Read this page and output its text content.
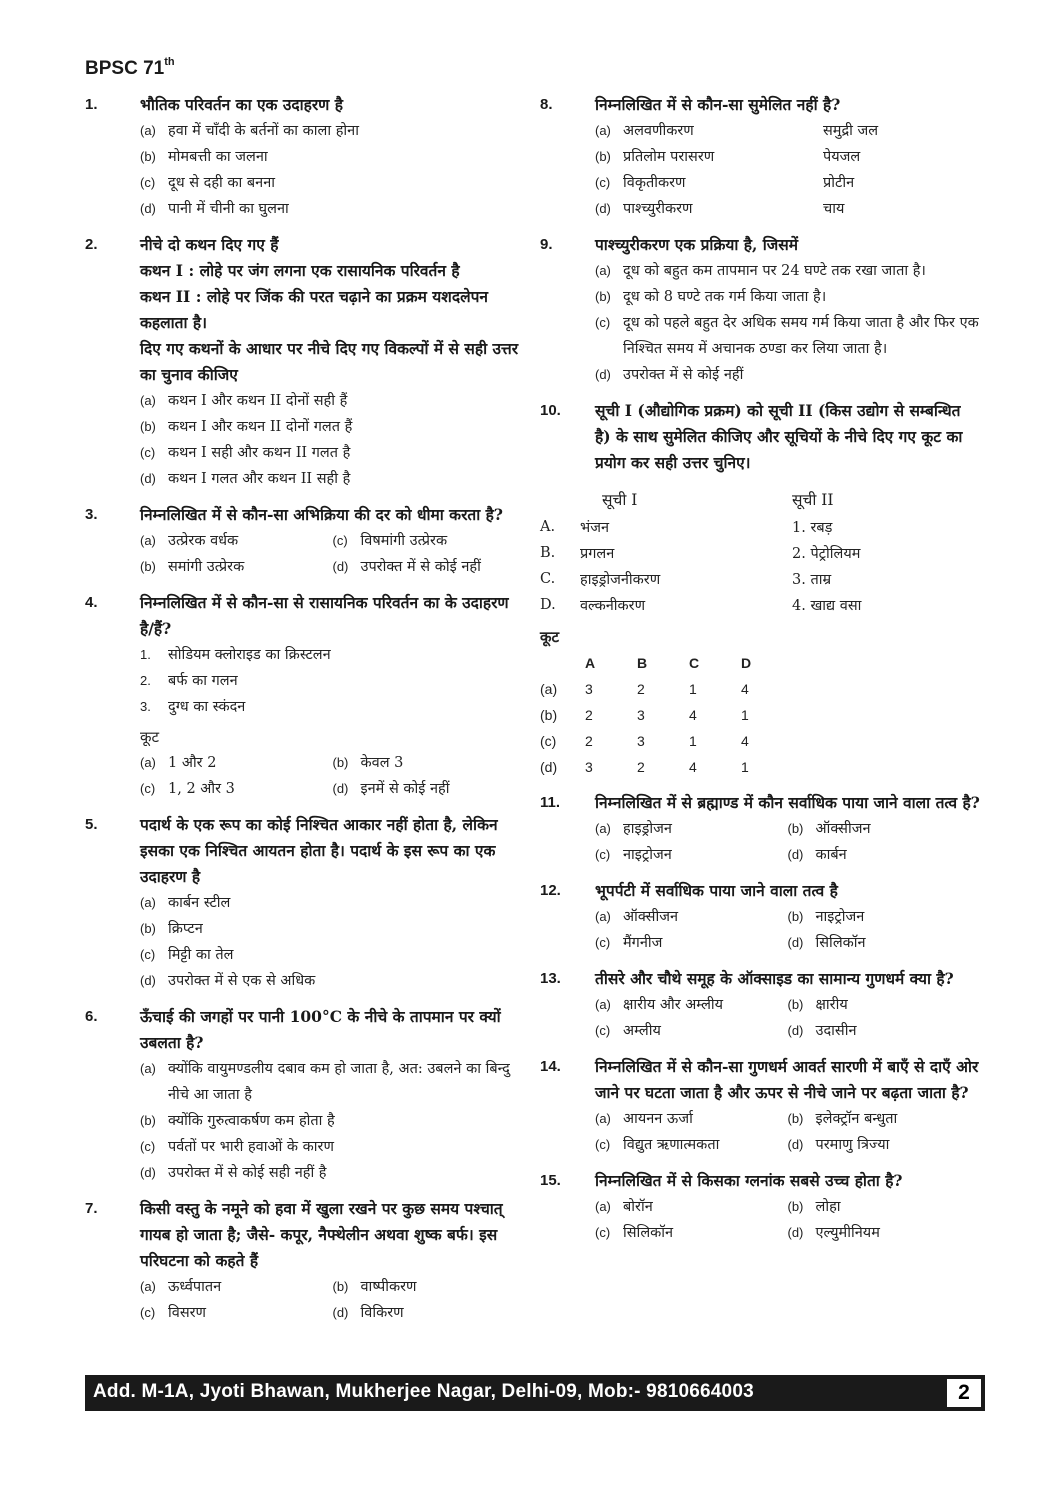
BPSC 71th
1.	भौतिक परिवर्तन का एक उदाहरण है
(a) हवा में चाँदी के बर्तनों का काला होना
(b) मोमबत्ती का जलना
(c) दूध से दही का बनना
(d) पानी में चीनी का घुलना
2.	नीचे दो कथन दिए गए हैं

कथन I : लोहे पर जंग लगना एक रासायनिक परिवर्तन है

कथन II : लोहे पर जिंक की परत चढ़ाने का प्रक्रम यशदलेपन कहलाता है।

दिए गए कथनों के आधार पर नीचे दिए गए विकल्पों में से सही उत्तर का चुनाव कीजिए

(a) कथन I और कथन II दोनों सही हैं
(b) कथन I और कथन II दोनों गलत हैं
(c) कथन I सही और कथन II गलत है
(d) कथन I गलत और कथन II सही है
3.	निम्नलिखित में से कौन-सा अभिक्रिया की दर को धीमा करता है?
(a) उत्प्रेरक वर्धक	(c) विषमांगी उत्प्रेरक
(b) समांगी उत्प्रेरक	(d) उपरोक्त में से कोई नहीं
4.	निम्नलिखित में से कौन-सा से रासायनिक परिवर्तन का के उदाहरण है/हैं?
1.	सोडियम क्लोराइड का क्रिस्टलन
2.	बर्फ का गलन
3.	दुग्ध का स्कंदन
कूट
(a) 1 और 2	(b) केवल 3
(c) 1, 2 और 3	(d) इनमें से कोई नहीं
5.	पदार्थ के एक रूप का कोई निश्चित आकार नहीं होता है, लेकिन इसका एक निश्चित आयतन होता है। पदार्थ के इस रूप का एक उदाहरण है
(a) कार्बन स्टील
(b) क्रिप्टन
(c) मिट्टी का तेल
(d) उपरोक्त में से एक से अधिक
6.	ऊँचाई की जगहों पर पानी 100°C के नीचे के तापमान पर क्यों उबलता है?
(a) क्योंकि वायुमण्डलीय दबाव कम हो जाता है, अत: उबलने का बिन्दु नीचे आ जाता है
(b) क्योंकि गुरुत्वाकर्षण कम होता है
(c) पर्वतों पर भारी हवाओं के कारण
(d) उपरोक्त में से कोई सही नहीं है
7.	किसी वस्तु के नमूने को हवा में खुला रखने पर कुछ समय पश्चात् गायब हो जाता है; जैसे- कपूर, नैफ्थेलीन अथवा शुष्क बर्फ। इस परिघटना को कहते हैं
(a) ऊर्ध्वपातन	(b) वाष्पीकरण
(c) विसरण	(d) विकिरण
8.	निम्नलिखित में से कौन-सा सुमेलित नहीं है?
(a) अलवणीकरण	समुद्री जल
(b) प्रतिलोम परासरण	पेयजल
(c) विकृतीकरण	प्रोटीन
(d) पाश्च्युरीकरण	चाय
9.	पाश्च्युरीकरण एक प्रक्रिया है, जिसमें
(a) दूध को बहुत कम तापमान पर 24 घण्टे तक रखा जाता है।
(b) दूध को 8 घण्टे तक गर्म किया जाता है।
(c) दूध को पहले बहुत देर अधिक समय गर्म किया जाता है और फिर एक निश्चित समय में अचानक ठण्डा कर लिया जाता है।
(d) उपरोक्त में से कोई नहीं
10.	सूची I (औद्योगिक प्रक्रम) को सूची II (किस उद्योग से सम्बन्धित है) के साथ सुमेलित कीजिए और सूचियों के नीचे दिए गए कूट का प्रयोग कर सही उत्तर चुनिए।
	सूची I	सूची II
A.	भंजन	1. रबड़
B.	प्रगलन	2. पेट्रोलियम
C.	हाइड्रोजनीकरण	3. ताम्र
D.	वल्कनीकरण	4. खाद्य वसा
कूट
	A	B	C	D
(a)	3	2	1	4
(b)	2	3	4	1
(c)	2	3	1	4
(d)	3	2	4	1
11.	निम्नलिखित में से ब्रह्माण्ड में कौन सर्वाधिक पाया जाने वाला तत्व है?
(a) हाइड्रोजन	(b) ऑक्सीजन
(c) नाइट्रोजन	(d) कार्बन
12.	भूपर्पटी में सर्वाधिक पाया जाने वाला तत्व है
(a) ऑक्सीजन	(b) नाइट्रोजन
(c) मैंगनीज	(d) सिलिकॉन
13.	तीसरे और चौथे समूह के ऑक्साइड का सामान्य गुणधर्म क्या है?
(a) क्षारीय और अम्लीय	(b) क्षारीय
(c) अम्लीय	(d) उदासीन
14.	निम्नलिखित में से कौन-सा गुणधर्म आवर्त सारणी में बाएँ से दाएँ ओर जाने पर घटता जाता है और ऊपर से नीचे जाने पर बढ़ता जाता है?
(a) आयनन ऊर्जा	(b) इलेक्ट्रॉन बन्धुता
(c) विद्युत ऋणात्मकता	(d) परमाणु त्रिज्या
15.	निम्नलिखित में से किसका ग्लनांक सबसे उच्च होता है?
(a) बोरॉन	(b) लोहा
(c) सिलिकॉन	(d) एल्युमीनियम
Add. M-1A, Jyoti Bhawan, Mukherjee Nagar, Delhi-09, Mob:- 9810664003	2
